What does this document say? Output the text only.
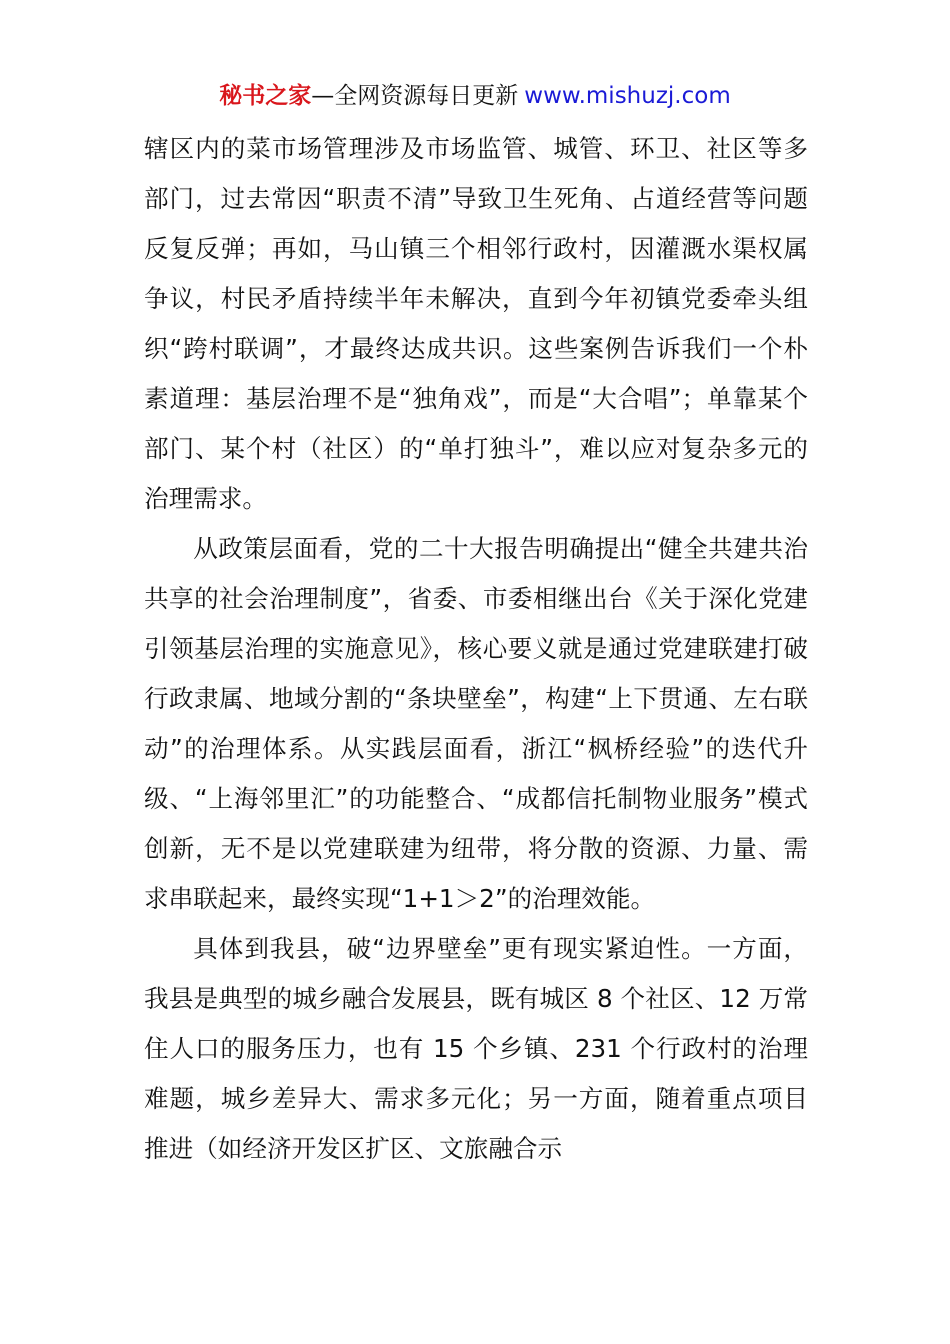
秘书之家—全网资源每日更新 www.mishuzj.com

辖区内的菜市场管理涉及市场监管、城管、环卫、社区等多部门，过去常因“职责不清”导致卫生死角、占道经营等问题反复反弹；再如，马山镇三个相邻行政村，因灌溉水渠权属争议，村民矛盾持续半年未解决，直到今年初镇党委牵头组织“跨村联调”，才最终达成共识。这些案例告诉我们一个朴素道理：基层治理不是“独角戏”，而是“大合唱”；单靠某个部门、某个村（社区）的“单打独斗”，难以应对复杂多元的治理需求。

从政策层面看，党的二十大报告明确提出“健全共建共治共享的社会治理制度”，省委、市委相继出台《关于深化党建引领基层治理的实施意见》，核心要义就是通过党建联建打破行政隶属、地域分割的“条块壁垒”，构建“上下贯通、左右联动”的治理体系。从实践层面看，浙江“枫桥经验”的迭代升级、“上海邻里汇”的功能整合、“成都信托制物业服务”模式创新，无不是以党建联建为纽带，将分散的资源、力量、需求串联起来，最终实现“1+1＞2”的治理效能。

具体到我县，破“边界壁垒”更有现实紧迫性。一方面，我县是典型的城乡融合发展县，既有城区 8 个社区、12 万常住人口的服务压力，也有 15 个乡镇、231 个行政村的治理难题，城乡差异大、需求多元化；另一方面，随着重点项目推进（如经济开发区扩区、文旅融合示
